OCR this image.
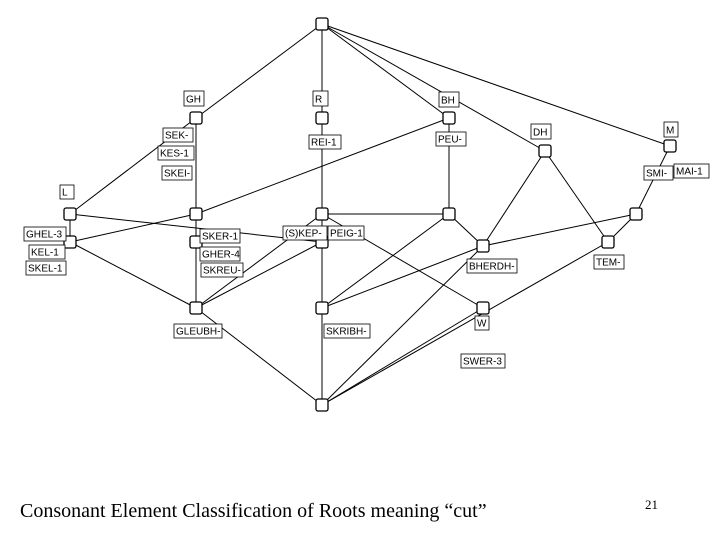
GH	R	BH
SEK-
KES-1
SKEI-
REI-1	PEU-
DH	M
SMI- MAI-1
L
GHEL-3
KEL-1
SKEL-1
SKER-1
GHER-4
SKREU-
(S)KEP- PEIG-1
BHERDH-	TEM-
GLEUBH-	SKRIBH-
W
SWER-3
Consonant Element Classification of Roots meaning “cut”	21
